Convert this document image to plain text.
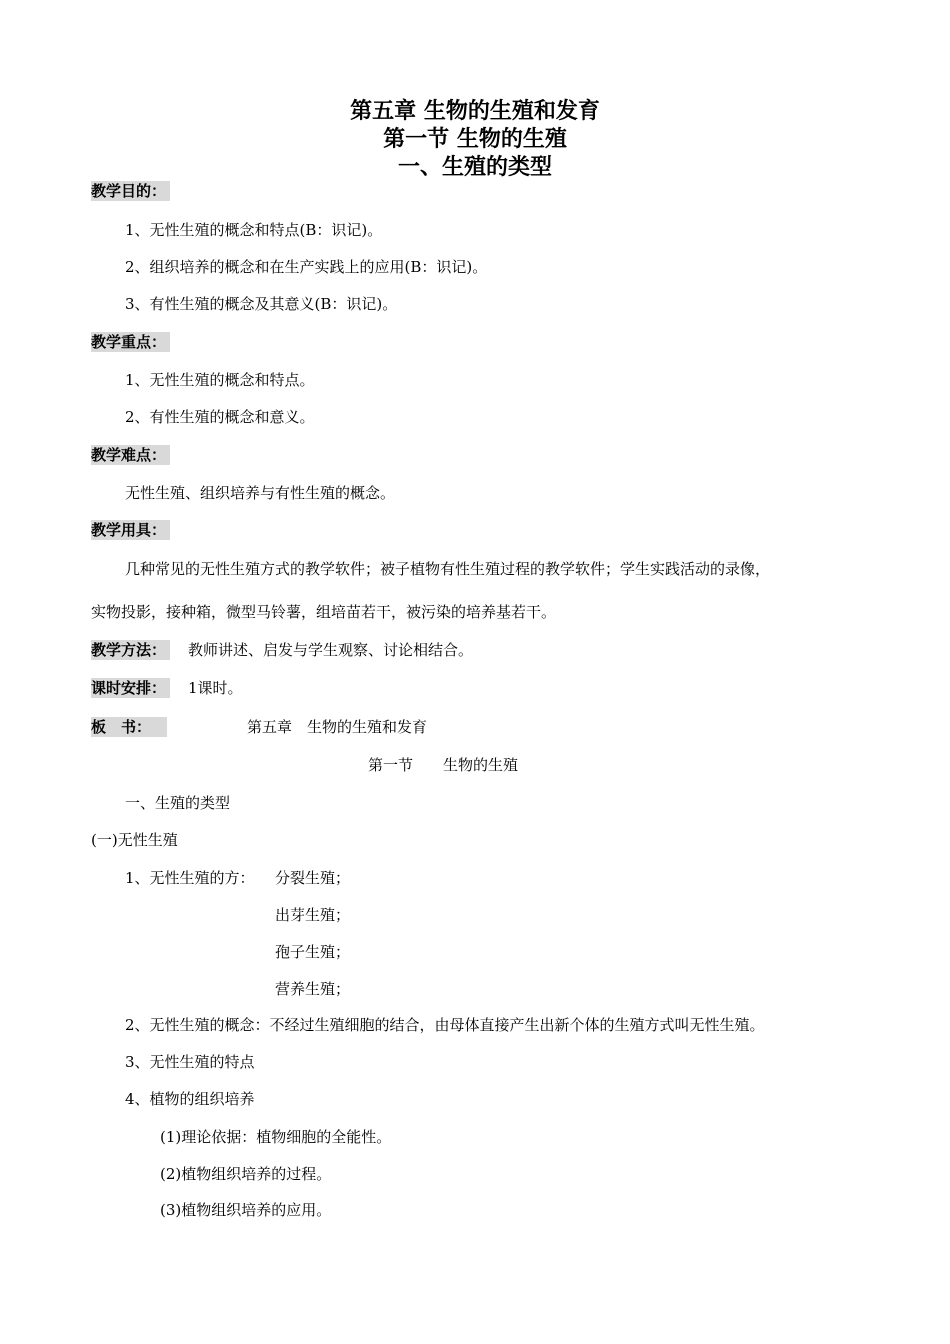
第五章 生物的生殖和发育
第一节 生物的生殖
一、生殖的类型
教学目的：
1、无性生殖的概念和特点(B：识记)。
2、组织培养的概念和在生产实践上的应用(B：识记)。
3、有性生殖的概念及其意义(B：识记)。
教学重点：
1、无性生殖的概念和特点。
2、有性生殖的概念和意义。
教学难点：
无性生殖、组织培养与有性生殖的概念。
教学用具：
几种常见的无性生殖方式的教学软件；被子植物有性生殖过程的教学软件；学生实践活动的录像，
实物投影，接种箱，微型马铃薯，组培苗若干，被污染的培养基若干。
教学方法： 教师讲述、启发与学生观察、讨论相结合。
课时安排： 1课时。
板　书：	第五章　生物的生殖和发育
第一节　　生物的生殖
一、生殖的类型
(一)无性生殖
1、无性生殖的方： 分裂生殖；
出芽生殖；
孢子生殖；
营养生殖；
2、无性生殖的概念：不经过生殖细胞的结合，由母体直接产生出新个体的生殖方式叫无性生殖。
3、无性生殖的特点
4、植物的组织培养
(1)理论依据：植物细胞的全能性。
(2)植物组织培养的过程。
(3)植物组织培养的应用。
